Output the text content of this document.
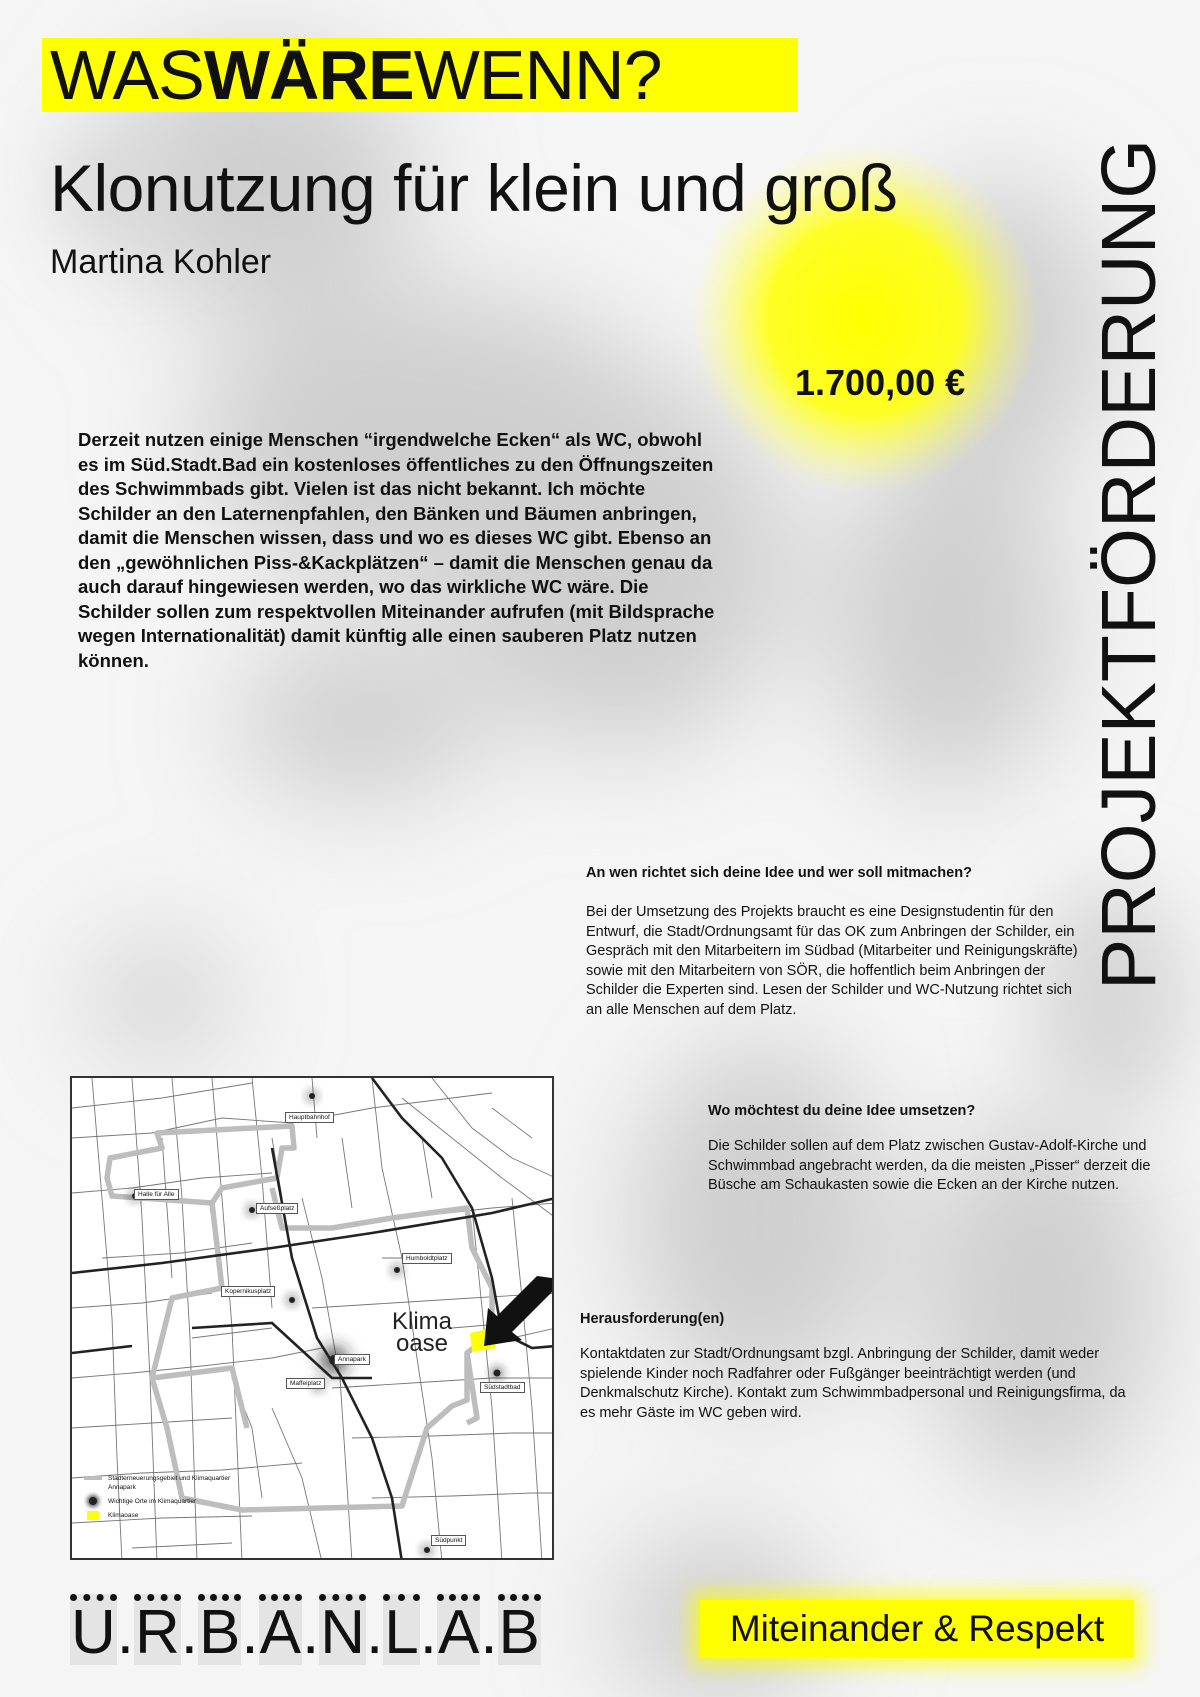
WAS WÄRE WENN?
Klonutzung für klein und groß
Martina Kohler
1.700,00 €
Derzeit nutzen einige Menschen “irgendwelche Ecken“ als WC, obwohl es im Süd.Stadt.Bad ein kostenloses öffentliches zu den Öffnungszeiten des Schwimmbads gibt. Vielen ist das nicht bekannt. Ich möchte Schilder an den Laternenpfahlen, den Bänken und Bäumen anbringen, damit die Menschen wissen, dass und wo es dieses WC gibt. Ebenso an den „gewöhnlichen Piss-&Kackplätzen“ – damit die Menschen genau da auch darauf hingewiesen werden, wo das wirkliche WC wäre. Die Schilder sollen zum respektvollen Miteinander aufrufen (mit Bildsprache wegen Internationalität) damit künftig alle einen sauberen Platz nutzen können.	PROJEKTFÖRDERUNG
An wen richtet sich deine Idee und wer soll mitmachen?
Bei der Umsetzung des Projekts braucht es eine Designstudentin für den Entwurf, die Stadt/Ordnungsamt für das OK zum Anbringen der Schilder, ein Gespräch mit den Mitarbeitern im Südbad (Mitarbeiter und Reinigungskräfte) sowie mit den Mitarbeitern von SÖR, die hoffentlich beim Anbringen der Schilder die Experten sind. Lesen der Schilder und WC-Nutzung richtet sich an alle Menschen auf dem Platz.
Wo möchtest du deine Idee umsetzen?
Die Schilder sollen auf dem Platz zwischen Gustav-Adolf-Kirche und Schwimmbad angebracht werden, da die meisten „Pisser“ derzeit die Büsche am Schaukasten sowie die Ecken an der Kirche nutzen.
Herausforderung(en)
Kontaktdaten zur Stadt/Ordnungsamt bzgl. Anbringung der Schilder, damit weder spielende Kinder noch Radfahrer oder Fußgänger beeinträchtigt werden (und Denkmalschutz Kirche). Kontakt zum Schwimmbadpersonal und Reinigungsfirma, da es mehr Gäste im WC geben wird.
Hauptbahnhof
Halle für Alle
Aufseßplatz
Humboldtplatz
Kopernikusplatz
Annapark
Maffeiplatz
Südstadtbad
Südpunkt
Klima
oase
Stadterneuerungsgebiet und Klimaquartier Annapark
Wichtige Orte im Klimaquartier
Klimaoase
U . R . B . A . N . L . A . B	Miteinander & Respekt
